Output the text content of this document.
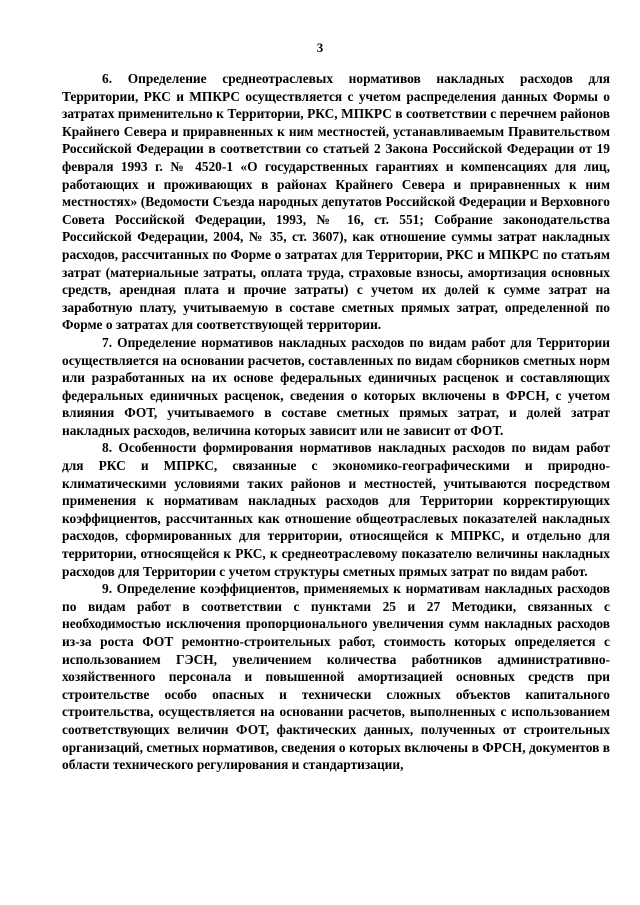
3

6. Определение среднеотраслевых нормативов накладных расходов для Территории, РКС и МПКРС осуществляется с учетом распределения данных Формы о затратах применительно к Территории, РКС, МПКРС в соответствии с перечнем районов Крайнего Севера и приравненных к ним местностей, устанавливаемым Правительством Российской Федерации в соответствии со статьей 2 Закона Российской Федерации от 19 февраля 1993 г. № 4520-1 «О государственных гарантиях и компенсациях для лиц, работающих и проживающих в районах Крайнего Севера и приравненных к ним местностях» (Ведомости Съезда народных депутатов Российской Федерации и Верховного Совета Российской Федерации, 1993, № 16, ст. 551; Собрание законодательства Российской Федерации, 2004, № 35, ст. 3607), как отношение суммы затрат накладных расходов, рассчитанных по Форме о затратах для Территории, РКС и МПКРС по статьям затрат (материальные затраты, оплата труда, страховые взносы, амортизация основных средств, арендная плата и прочие затраты) с учетом их долей к сумме затрат на заработную плату, учитываемую в составе сметных прямых затрат, определенной по Форме о затратах для соответствующей территории.

7. Определение нормативов накладных расходов по видам работ для Территории осуществляется на основании расчетов, составленных по видам сборников сметных норм или разработанных на их основе федеральных единичных расценок и составляющих федеральных единичных расценок, сведения о которых включены в ФРСН, с учетом влияния ФОТ, учитываемого в составе сметных прямых затрат, и долей затрат накладных расходов, величина которых зависит или не зависит от ФОТ.

8. Особенности формирования нормативов накладных расходов по видам работ для РКС и МПРКС, связанные с экономико-географическими и природно-климатическими условиями таких районов и местностей, учитываются посредством применения к нормативам накладных расходов для Территории корректирующих коэффициентов, рассчитанных как отношение общеотраслевых показателей накладных расходов, сформированных для территории, относящейся к МПРКС, и отдельно для территории, относящейся к РКС, к среднеотраслевому показателю величины накладных расходов для Территории с учетом структуры сметных прямых затрат по видам работ.

9. Определение коэффициентов, применяемых к нормативам накладных расходов по видам работ в соответствии с пунктами 25 и 27 Методики, связанных с необходимостью исключения пропорционального увеличения сумм накладных расходов из-за роста ФОТ ремонтно-строительных работ, стоимость которых определяется с использованием ГЭСН, увеличением количества работников административно-хозяйственного персонала и повышенной амортизацией основных средств при строительстве особо опасных и технически сложных объектов капитального строительства, осуществляется на основании расчетов, выполненных с использованием соответствующих величин ФОТ, фактических данных, полученных от строительных организаций, сметных нормативов, сведения о которых включены в ФРСН, документов в области технического регулирования и стандартизации,
